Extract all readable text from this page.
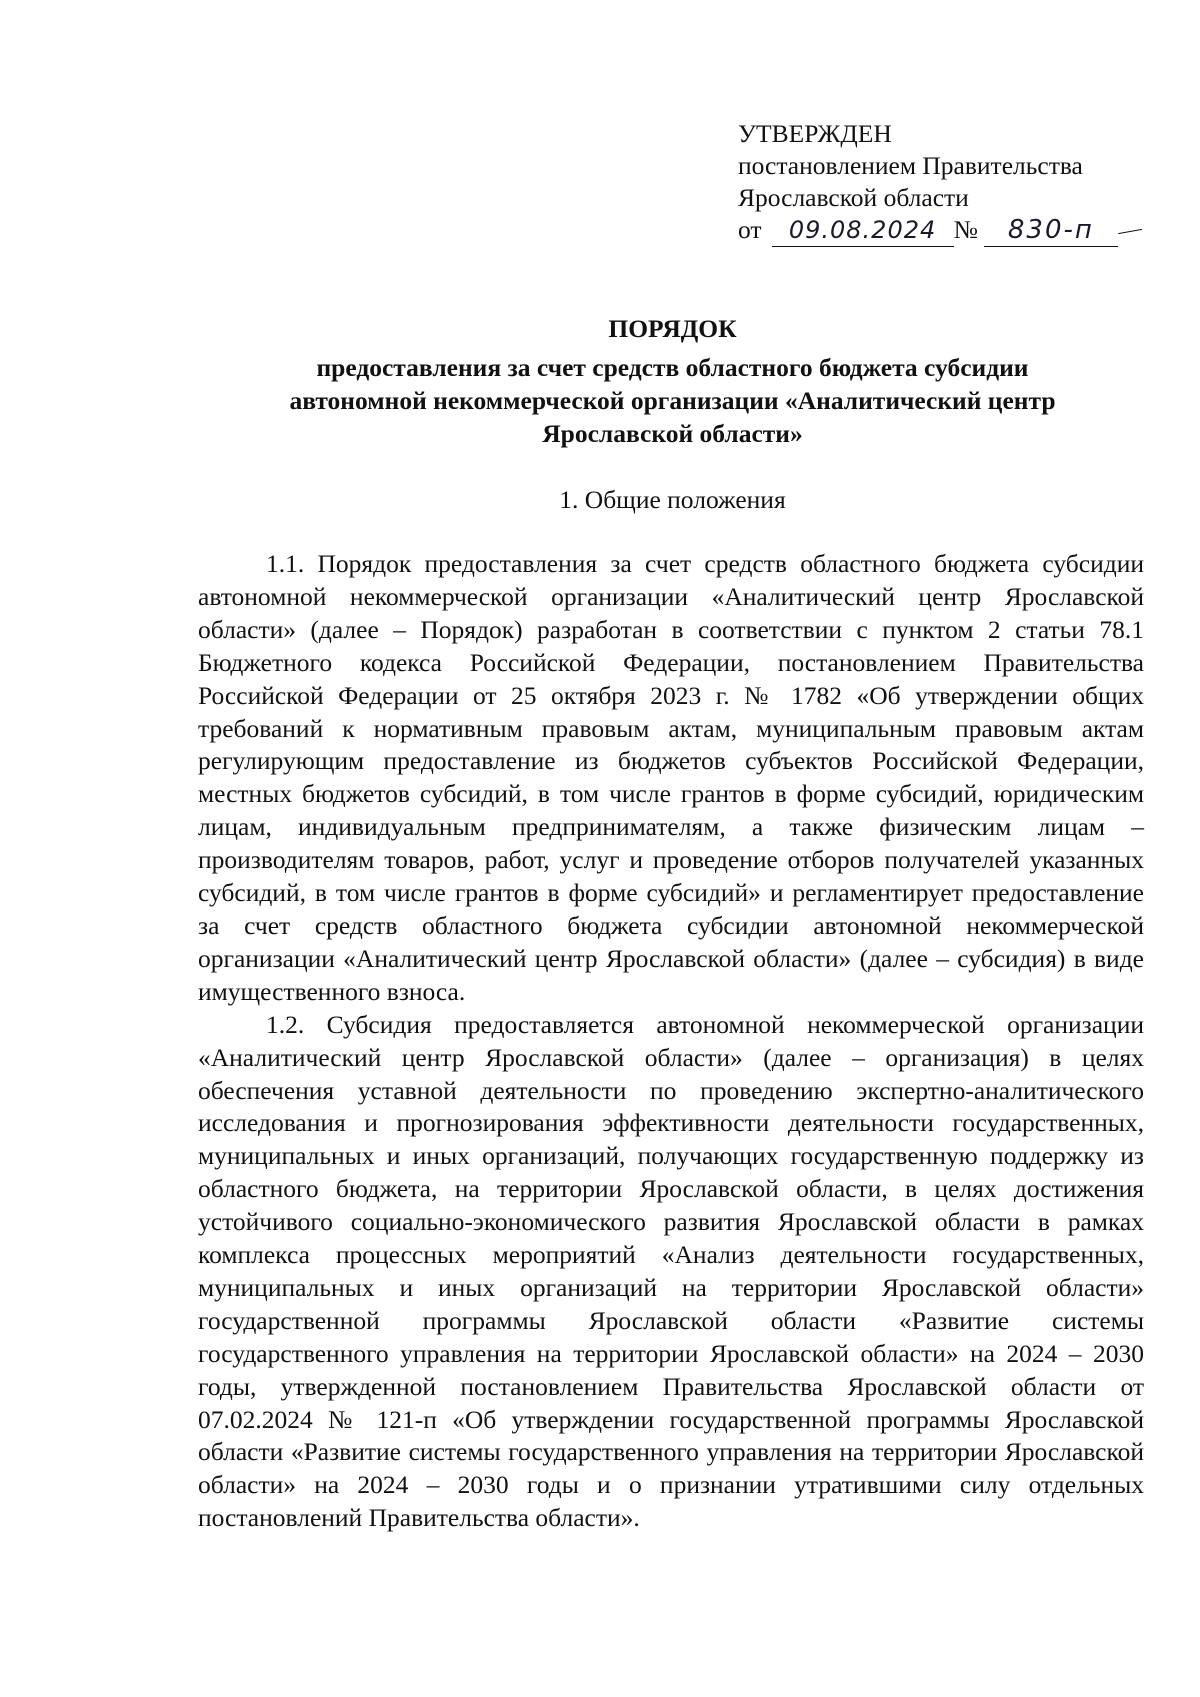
УТВЕРЖДЕН
постановлением Правительства
Ярославской области
от	09.08.2024 №	830-п
ПОРЯДОК
предоставления за счет средств областного бюджета субсидии
автономной некоммерческой организации «Аналитический центр
Ярославской области»
1. Общие положения

1.1. Порядок предоставления за счет средств областного бюджета субсидии автономной некоммерческой организации «Аналитический центр Ярославской области» (далее – Порядок) разработан в соответствии с пунктом 2 статьи 78.1 Бюджетного кодекса Российской Федерации, постановлением Правительства Российской Федерации от 25 октября 2023 г. № 1782 «Об утверждении общих требований к нормативным правовым актам, муниципальным правовым актам регулирующим предоставление из бюджетов субъектов Российской Федерации, местных бюджетов субсидий, в том числе грантов в форме субсидий, юридическим лицам, индивидуальным предпринимателям, а также физическим лицам – производителям товаров, работ, услуг и проведение отборов получателей указанных субсидий, в том числе грантов в форме субсидий» и регламентирует предоставление за счет средств областного бюджета субсидии автономной некоммерческой организации «Аналитический центр Ярославской области» (далее – субсидия) в виде имущественного взноса.

1.2. Субсидия предоставляется автономной некоммерческой организации «Аналитический центр Ярославской области» (далее – организация) в целях обеспечения уставной деятельности по проведению экспертно-аналитического исследования и прогнозирования эффективности деятельности государственных, муниципальных и иных организаций, получающих государственную поддержку из областного бюджета, на территории Ярославской области, в целях достижения устойчивого социально-экономического развития Ярославской области в рамках комплекса процессных мероприятий «Анализ деятельности государственных, муниципальных и иных организаций на территории Ярославской области» государственной программы Ярославской области «Развитие системы государственного управления на территории Ярославской области» на 2024 – 2030 годы, утвержденной постановлением Правительства Ярославской области от 07.02.2024 № 121-п «Об утверждении государственной программы Ярославской области «Развитие системы государственного управления на территории Ярославской области» на 2024 – 2030 годы и о признании утратившими силу отдельных постановлений Правительства области».
